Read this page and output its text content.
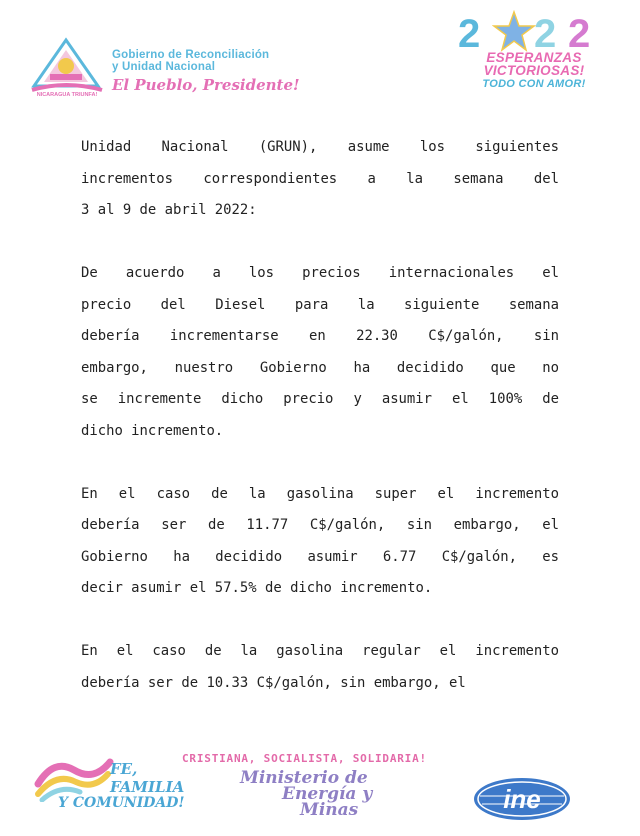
NICARAGUA TRIUNFA!
Gobierno de Reconciliación
y Unidad Nacional
El Pueblo, Presidente!
2 2 2
ESPERANZAS
VICTORIOSAS!
TODO CON AMOR!
Unidad Nacional (GRUN), asume los siguientes
incrementos correspondientes a la semana del
3 al 9 de abril 2022:
De acuerdo a los precios internacionales el
precio del Diesel para la siguiente semana
debería incrementarse en 22.30 C$/galón, sin
embargo, nuestro Gobierno ha decidido que no
se incremente dicho precio y asumir el 100% de
dicho incremento.
En el caso de la gasolina super el incremento
debería ser de 11.77 C$/galón, sin embargo, el
Gobierno ha decidido asumir 6.77 C$/galón, es
decir asumir el 57.5% de dicho incremento.
En el caso de la gasolina regular el incremento
debería ser de 10.33 C$/galón, sin embargo, el
FE,
FAMILIA
Y COMUNIDAD!
CRISTIANA, SOCIALISTA, SOLIDARIA!
Ministerio de
Energía y
Minas	ine
